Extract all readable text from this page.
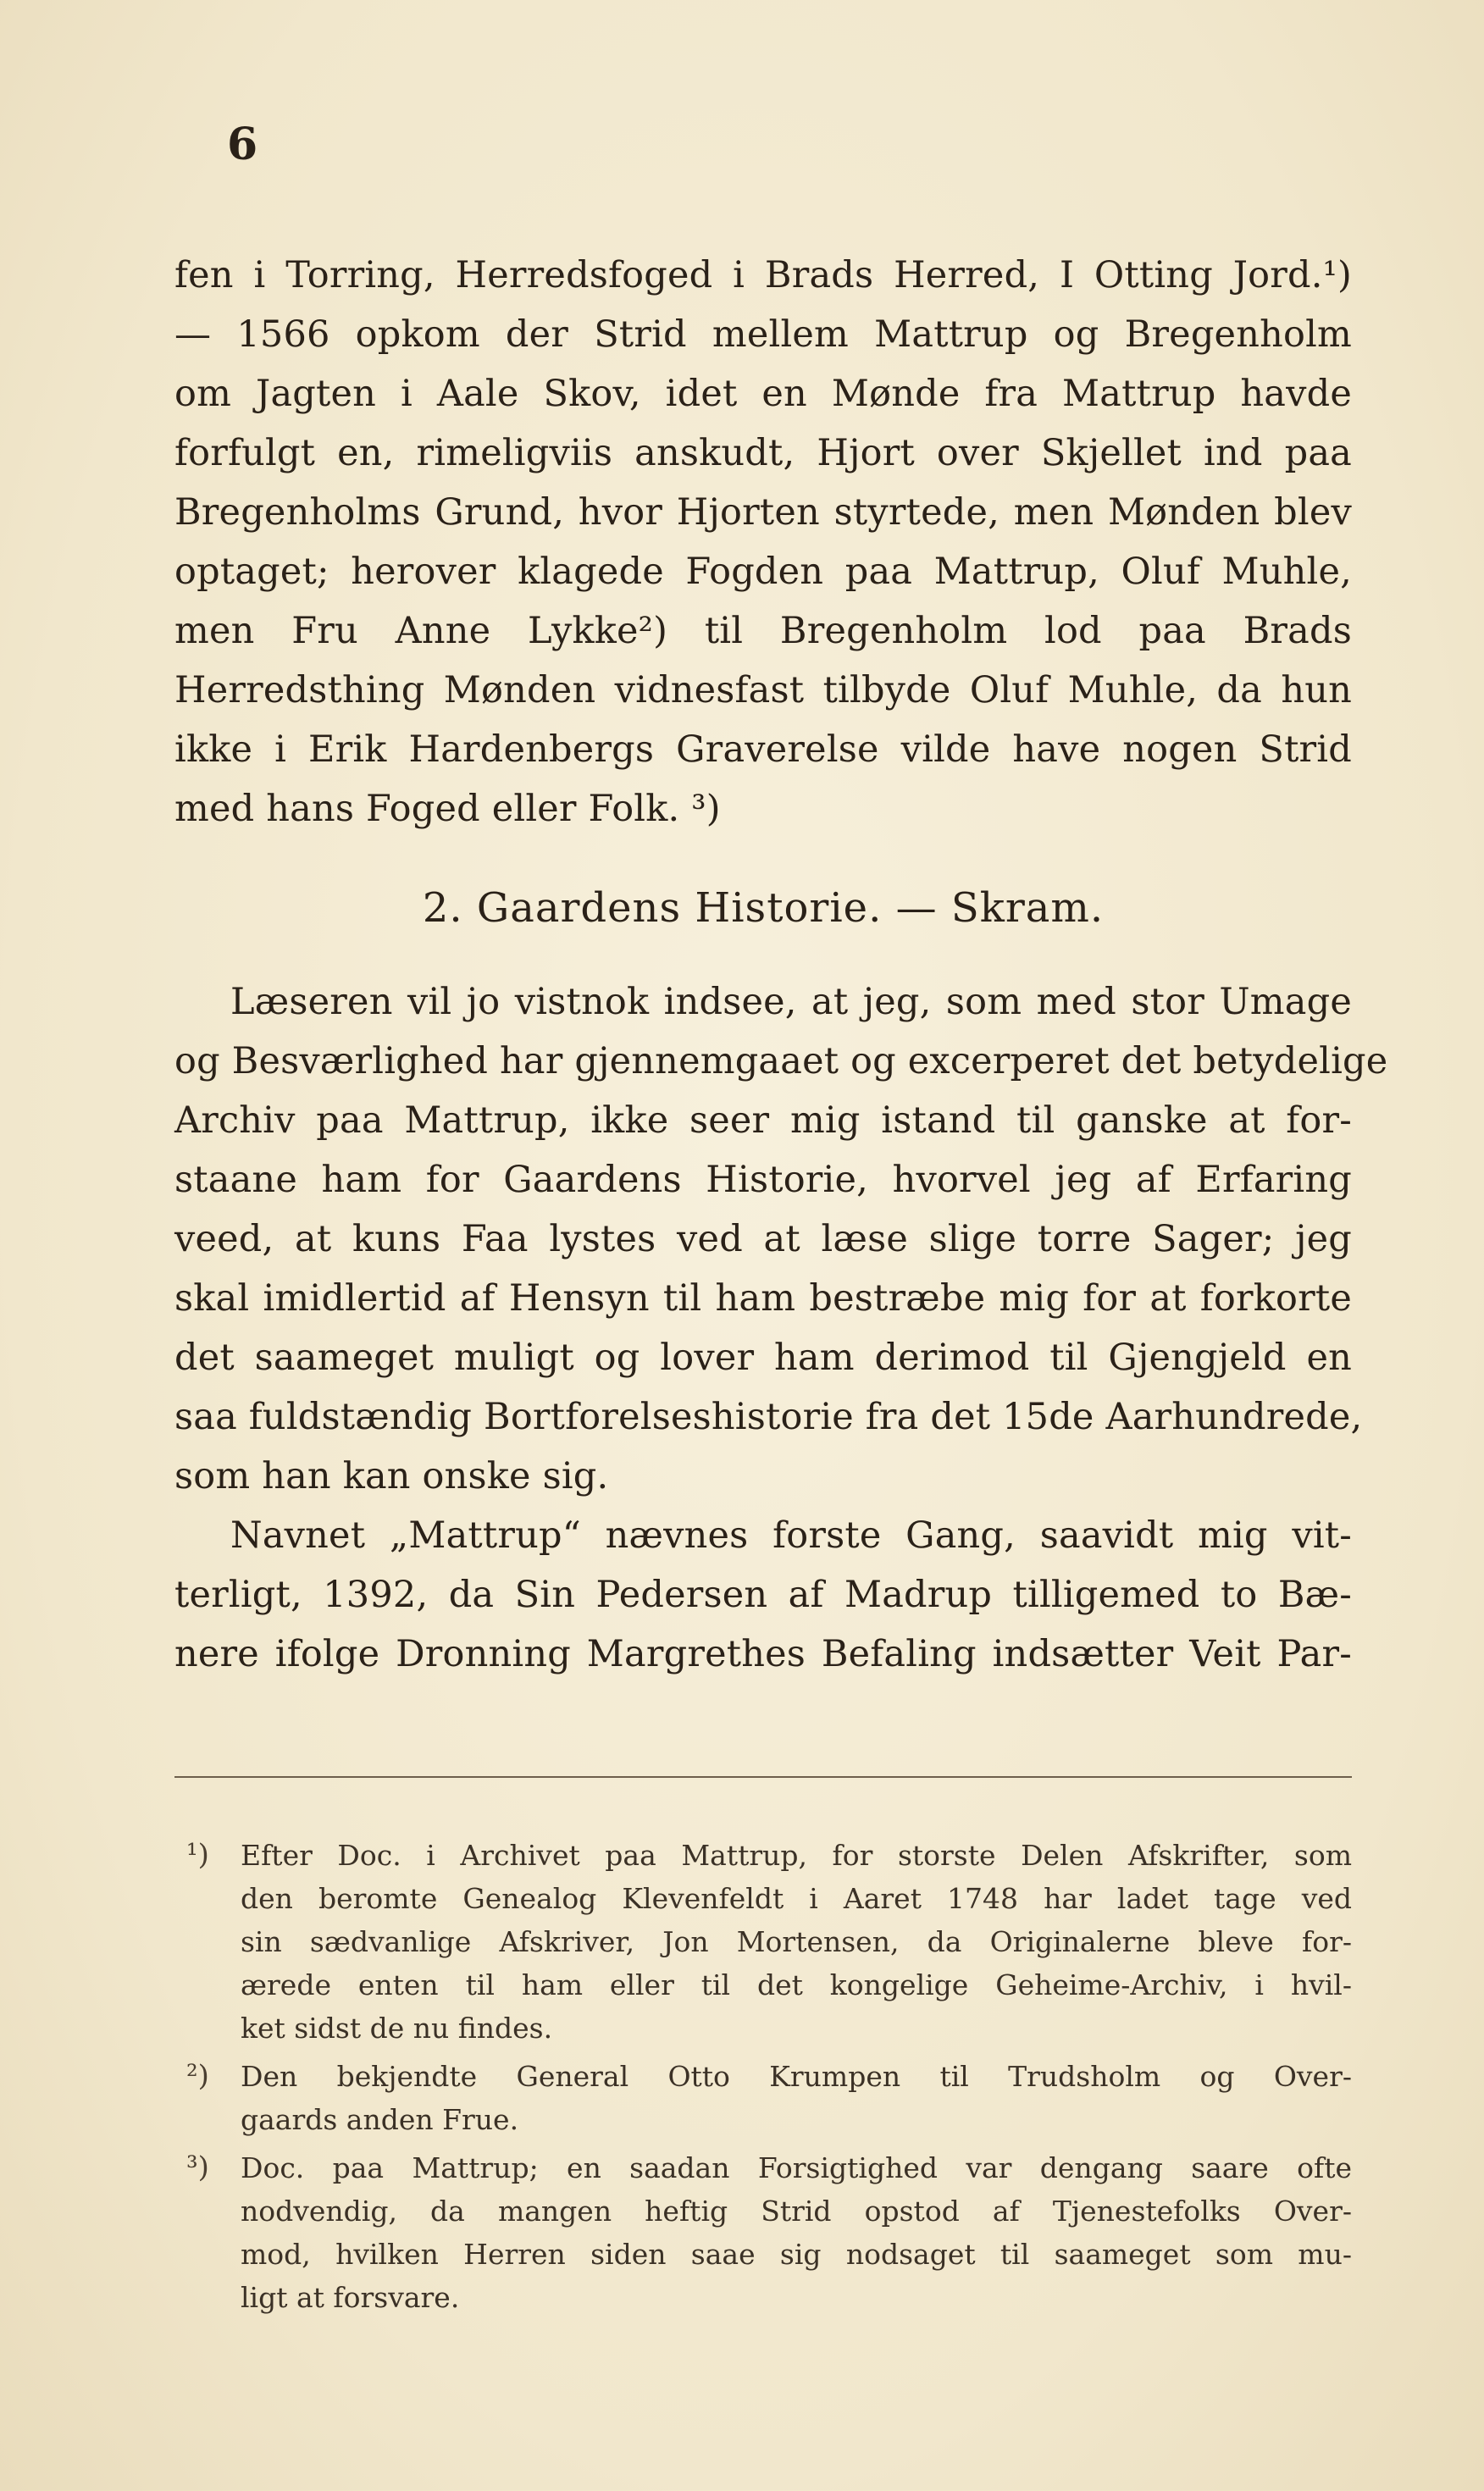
6
fen i Torring, Herredsfoged i Brads Herred, I Otting Jord.¹)
— 1566 opkom der Strid mellem Mattrup og Bregenholm
om Jagten i Aale Skov, idet en Mønde fra Mattrup havde
forfulgt en, rimeligviis anskudt, Hjort over Skjellet ind paa
Bregenholms Grund, hvor Hjorten styrtede, men Mønden blev
optaget; herover klagede Fogden paa Mattrup, Oluf Muhle,
men Fru Anne Lykke²) til Bregenholm lod paa Brads
Herredsthing Mønden vidnesfast tilbyde Oluf Muhle, da hun
ikke i Erik Hardenbergs Graverelse vilde have nogen Strid
med hans Foged eller Folk. ³)
2. Gaardens Historie. — Skram.
Læseren vil jo vistnok indsee, at jeg, som med stor Umage
og Besværlighed har gjennemgaaet og excerperet det betydelige
Archiv paa Mattrup, ikke seer mig istand til ganske at for-
staane ham for Gaardens Historie, hvorvel jeg af Erfaring
veed, at kuns Faa lystes ved at læse slige torre Sager; jeg
skal imidlertid af Hensyn til ham bestræbe mig for at forkorte
det saameget muligt og lover ham derimod til Gjengjeld en
saa fuldstændig Bortforelseshistorie fra det 15de Aarhundrede,
som han kan onske sig.
Navnet „Mattrup“ nævnes forste Gang, saavidt mig vit-
terligt, 1392, da Sin Pedersen af Madrup tilligemed to Bæ-
nere ifolge Dronning Margrethes Befaling indsætter Veit Par-
¹)	Efter Doc. i Archivet paa Mattrup, for storste Delen Afskrifter, som
den beromte Genealog Klevenfeldt i Aaret 1748 har ladet tage ved
sin sædvanlige Afskriver, Jon Mortensen, da Originalerne bleve for-
ærede enten til ham eller til det kongelige Geheime-Archiv, i hvil-
ket sidst de nu findes.
²)	Den bekjendte General Otto Krumpen til Trudsholm og Over-
gaards anden Frue.
³)	Doc. paa Mattrup; en saadan Forsigtighed var dengang saare ofte
nodvendig, da mangen heftig Strid opstod af Tjenestefolks Over-
mod, hvilken Herren siden saae sig nodsaget til saameget som mu-
ligt at forsvare.
